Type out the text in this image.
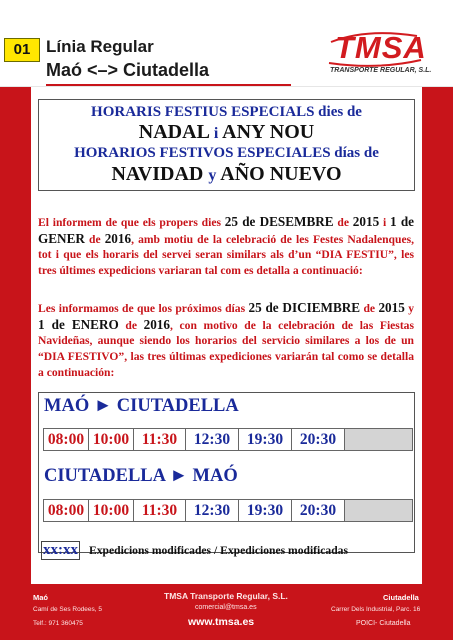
01 Línia Regular
Maó <–> Ciutadella
TMSA
TRANSPORTE REGULAR, S.L.
HORARIS FESTIUS ESPECIALS dies de
NADAL i ANY NOU
HORARIOS FESTIVOS ESPECIALES días de
NAVIDAD y AÑO NUEVO
El informem de que els propers dies 25 de DESEMBRE de 2015 i 1 de GENER de 2016, amb motiu de la celebració de les Festes Nadalenques, tot i que els horaris del servei seran similars als d’un “DIA FESTIU”, les tres últimes expedicions variaran tal com es detalla a continuació:
Les informamos de que los próximos días 25 de DICIEMBRE de 2015 y 1 de ENERO de 2016, con motivo de la celebración de las Fiestas Navideñas, aunque siendo los horarios del servicio similares a los de un “DIA FESTIVO”, las tres últimas expediciones variarán tal como se detalla a continuación:
MAÓ ► CIUTADELLA
08:00 10:00 11:30	12:30	19:30	20:30
CIUTADELLA ► MAÓ
08:00 10:00 11:30	12:30	19:30	20:30
xx:xx Expedicions modificades / Expediciones modificadas
Maó
Camí de Ses Rodees, 5
Telf.: 971 360475
TMSA Transporte Regular, S.L.
comercial@tmsa.es
www.tmsa.es
Ciutadella
Carrer Dels Industrial, Parc. 16
POICI- Ciutadella
